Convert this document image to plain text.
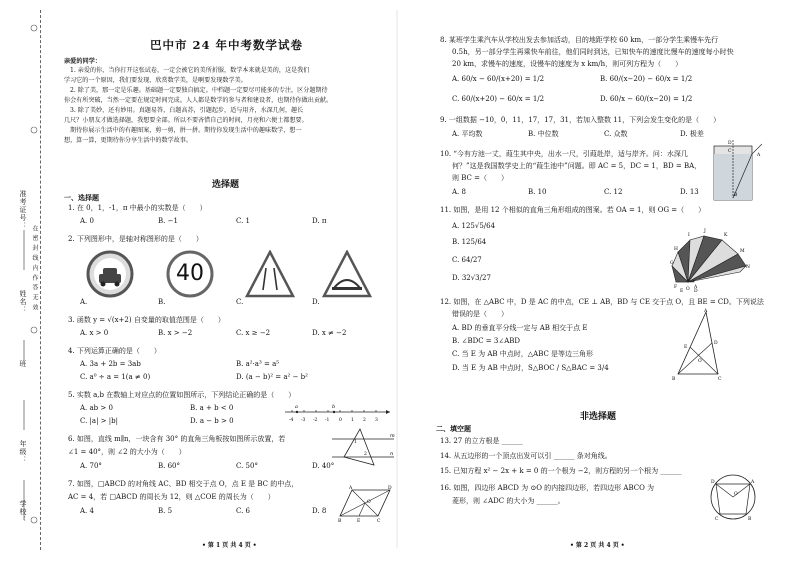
准考证号：
姓名：
班
年级：
学校：
在 密 封 线 内 作 答 无 效
巴中市 24 年中考数学试卷
亲爱的同学：
1. 亲爱的你，当你打开这张试卷，一定会被它的美所折服，数学本来就是美的，这是我们
学习它的一个原因，我们要发现、欣赏数学美，是啊要发现数学美。
2. 除了美，那一定是乐趣。基础题一定要独自搞定。中档题一定要尽可能多的专注，区分题期待
你会有所突破，当然一定要在规定时间完成。人人都是数学的参与者和建设者，也期待你做出贡献。
3. 除了美妙，还有妙用。真题易答，白题高苏，引题起步，适与用齐，水深几何，趣长
几尺？小朋友才做选择题，我想要全部。所以不要吝惜自己的时间，月亮和六便士都想要。
期待你展示生活中的有趣图案，剪一剪，拼一拼。期待你发现生活中的趣味数学，想一
想，算一算，更期待你分享生活中的数学故事。
选择题
一、选择题
1. 在 0，1，-1，π 中最小的实数是（　　）
A. 0	B. −1	C. 1	D. π
2. 下列图形中，是轴对称图形的是（　　）
40
A.	B.	C.	D.
3. 函数 y = √(x+2) 自变量的取值范围是（　　）
A. x > 0	B. x > −2	C. x ≥ −2	D. x ≠ −2
4. 下列运算正确的是（　　）
A. 3a + 2b = 3ab	B. a²·a³ = a⁵
C. a⁰ ÷ a = 1(a ≠ 0)	D. (a − b)² = a² − b²
5. 实数 a,b 在数轴上对应点的位置如图所示，下列结论正确的是（　　）
A. ab > 0	B. a + b < 0
C. |a| > |b|	D. a − b > 0
a	b
-4 -3 -2 -1 0 1 2 3
6. 如图，直线 m∥n，一块含有 30° 的直角三角板按如图所示放置，若
∠1 = 40°，则 ∠2 的大小为（　　）
A. 70°	B. 60°	C. 50°	D. 40°
m
n
1
2
7. 如图，□ABCD 的对角线 AC、BD 相交于点 O，点 E 是 BC 的中点，
AC = 4，若 □ABCD 的周长为 12，则 △COE 的周长为（　　）
A. 4	B. 5	C. 6	D. 8
A	D
B	E	C
O
• 第 1 页 共 4 页 •
8. 某班学生乘汽车从学校出发去参加活动，目的地距学校 60 km，一部分学生乘慢车先行
0.5h，另一部分学生再乘快车前往，他们同时到达，已知快车的速度比慢车的速度每小时快
20 km，求慢车的速度，设慢车的速度为 x km/h，则可列方程为（　　）
A. 60/x − 60/(x+20) = 1/2	B. 60/(x−20) − 60/x = 1/2
C. 60/(x+20) − 60/x = 1/2	D. 60/x − 60/(x−20) = 1/2
9. 一组数据 −10，0，11，17，17，31，若加入整数 11，下列会发生变化的是（　　）
A. 平均数	B. 中位数	C. 众数	D. 极差
10. “今有方池一丈，葭生其中央，出水一尺，引葭赴岸，适与岸齐。问：水深几
何？”这是我国数学史上的“葭生池中”问题。即 AC = 5，DC = 1，BD = BA，
则 BC =（　　）
A. 8	B. 10	C. 12	D. 13
D
C
A
B
11. 如图，是用 12 个相似的直角三角形组成的图案。若 OA = 1，则 OG =（　　）
A. 125√5/64
B. 125/64
C. 64/27
D. 32√3/27
O A
G
H
I
J
K
M
N
F
E D
12. 如图，在 △ABC 中，D 是 AC 的中点，CE ⊥ AB，BD 与 CE 交于点 O，且 BE = CD。下列说法
错误的是（　　）
A. BD 的垂直平分线一定与 AB 相交于点 E
B. ∠BDC = 3∠ABD
C. 当 E 为 AB 中点时，△ABC 是等边三角形
D. 当 E 为 AB 中点时，S△BOC / S△BAC = 3/4
A
B	C
D
E
O
非选择题
二、填空题
13. 27 的立方根是 ______
14. 从五边形的一个顶点出发可以引 ______ 条对角线。
15. 已知方程 x² − 2x + k = 0 的一个根为 −2，则方程的另一个根为 ______
16. 如图，四边形 ABCD 为 ⊙O 的内接四边形，若四边形 ABCO 为
菱形，则 ∠ADC 的大小为 ______。
D	A
B
C
O
• 第 2 页 共 4 页 •
